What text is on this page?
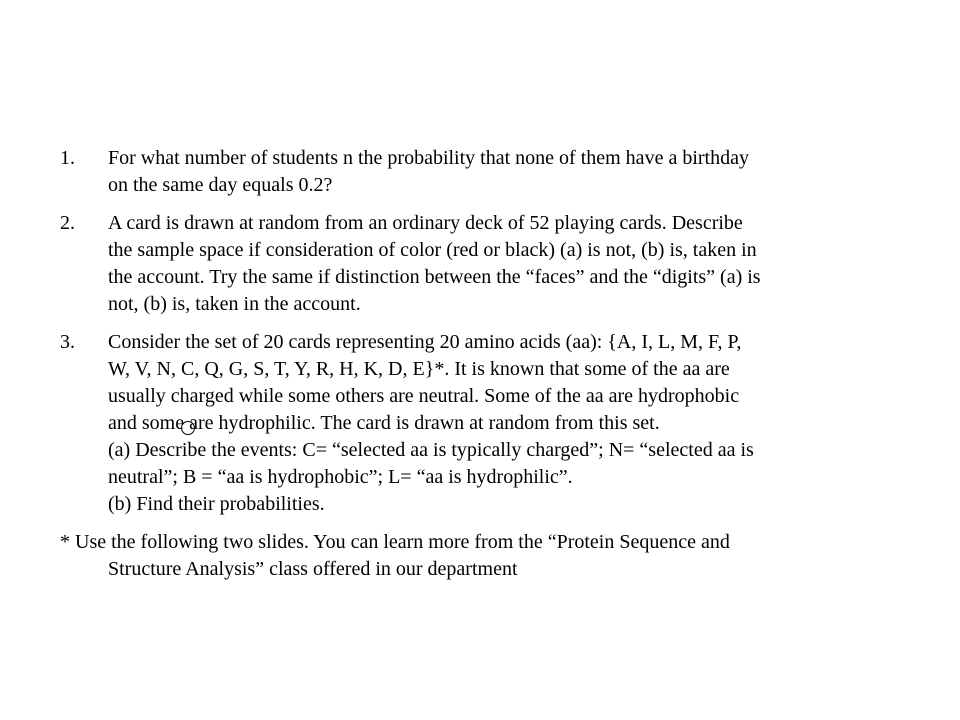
1. For what number of students n the probability that none of them have a birthday
on the same day equals 0.2?
2. A card is drawn at random from an ordinary deck of 52 playing cards. Describe
the sample space if consideration of color (red or black) (a) is not, (b) is, taken in
the account. Try the same if distinction between the “faces” and the “digits” (a) is
not, (b) is, taken in the account.
3. Consider the set of 20 cards representing 20 amino acids (aa): {A, I, L, M, F, P,
W, V, N, C, Q, G, S, T, Y, R, H, K, D, E}*. It is known that some of the aa are
usually charged while some others are neutral. Some of the aa are hydrophobic
and some are hydrophilic. The card is drawn at random from this set.
(a) Describe the events: C= “selected aa is typically charged”; N= “selected aa is
neutral”; B = “aa is hydrophobic”; L= “aa is hydrophilic”.
(b) Find their probabilities.
* Use the following two slides. You can learn more from the “Protein Sequence and

Structure Analysis” class offered in our department
